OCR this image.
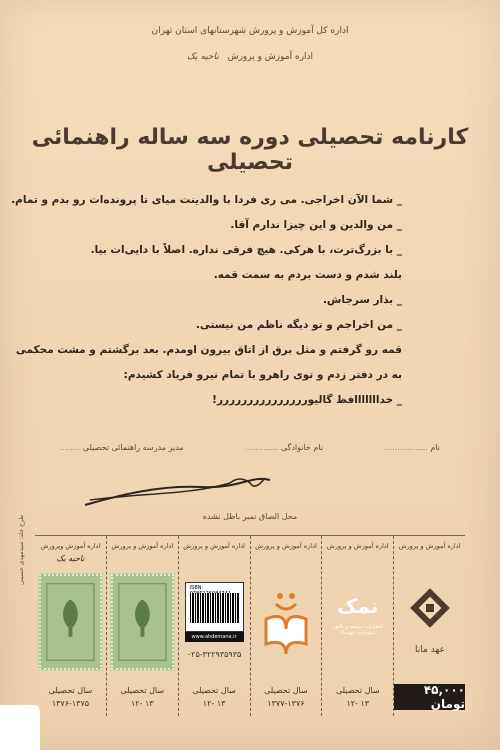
اداره کل آموزش و پرورش شهرستانهای استان تهران
اداره آموزش و پرورش ناحیه یک
کارنامه تحصیلی دوره سه ساله راهنمائی تحصیلی

_ شما الآن اخراجی. می ری فردا با والدینت میای تا پرونده‌ات رو بدم و تمام.

_ من والدین و این چیزا ندارم آقا.

_ با بزرگ‌ترت، با هرکی. هیچ فرقی نداره. اصلاً با دایی‌ات بیا.

بلند شدم و دست بردم به سمت قمه.

_ بذار سرجاش.

_ من اخراجم و تو دیگه ناظم من نیستی.

قمه رو گرفتم و مثل برق از اتاق بیرون اومدم. بعد برگشتم و مشت محکمی

به در دفتر زدم و توی راهرو با تمام نیرو فریاد کشیدم:

_ خدااااااافظ گالیوررررررررررررررر!

نام .................
نام خانوادگی .............
مدیر مدرسه راهنمائی تحصیلی ........
محل الصاق تمبر باطل نشده
اداره آموزش و پرورش
عهد مانا
۴۵,۰۰۰ تومان
اداره آموزش و پرورش
نمک
انتشارات ترجمه و تألیف انتشارات عهدمانا
سال تحصیلی
۱۳ -۱۲
اداره آموزش و پرورش
سال تحصیلی
۱۳۷۷-۱۳۷۶
اداره آموزش و پرورش
ISBN:
www.ahdemana.ir
۰۲۵-۳۲۲۹۳۵۹۳۵
سال تحصیلی
۱۳ -۱۲
اداره آموزش و پرورش
سال تحصیلی
۱۳ -۱۲
اداره آموزش وپرورش
ناحیه یک
سال تحصیلی
۱۳۷۶-۱۳۷۵
طرح جلد: سیدمهدی حسینی
